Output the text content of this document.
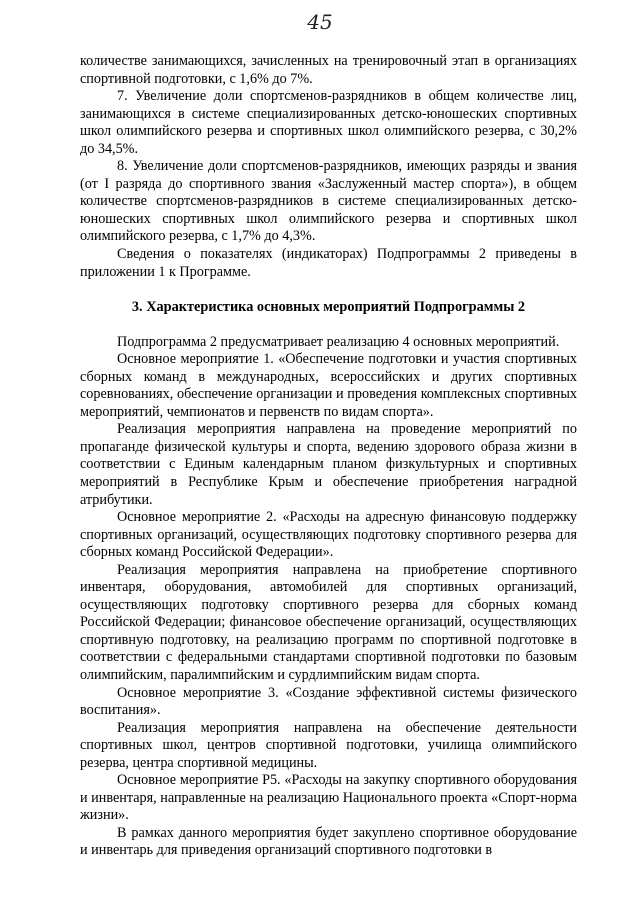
45

количестве занимающихся, зачисленных на тренировочный этап в организациях спортивной подготовки, с 1,6% до 7%.

7. Увеличение доли спортсменов-разрядников в общем количестве лиц, занимающихся в системе специализированных детско-юношеских спортивных школ олимпийского резерва и спортивных школ олимпийского резерва, с 30,2% до 34,5%.

8. Увеличение доли спортсменов-разрядников, имеющих разряды и звания (от I разряда до спортивного звания «Заслуженный мастер спорта»), в общем количестве спортсменов-разрядников в системе специализированных детско-юношеских спортивных школ олимпийского резерва и спортивных школ олимпийского резерва, с 1,7% до 4,3%.

Сведения о показателях (индикаторах) Подпрограммы 2 приведены в приложении 1 к Программе.

3. Характеристика основных мероприятий Подпрограммы 2

Подпрограмма 2 предусматривает реализацию 4 основных мероприятий.

Основное мероприятие 1. «Обеспечение подготовки и участия спортивных сборных команд в международных, всероссийских и других спортивных соревнованиях, обеспечение организации и проведения комплексных спортивных мероприятий, чемпионатов и первенств по видам спорта».

Реализация мероприятия направлена на проведение мероприятий по пропаганде физической культуры и спорта, ведению здорового образа жизни в соответствии с Единым календарным планом физкультурных и спортивных мероприятий в Республике Крым и обеспечение приобретения наградной атрибутики.

Основное мероприятие 2. «Расходы на адресную финансовую поддержку спортивных организаций, осуществляющих подготовку спортивного резерва для сборных команд Российской Федерации».

Реализация мероприятия направлена на приобретение спортивного инвентаря, оборудования, автомобилей для спортивных организаций, осуществляющих подготовку спортивного резерва для сборных команд Российской Федерации; финансовое обеспечение организаций, осуществляющих спортивную подготовку, на реализацию программ по спортивной подготовке в соответствии с федеральными стандартами спортивной подготовки по базовым олимпийским, паралимпийским и сурдлимпийским видам спорта.

Основное мероприятие 3. «Создание эффективной системы физического воспитания».

Реализация мероприятия направлена на обеспечение деятельности спортивных школ, центров спортивной подготовки, училища олимпийского резерва, центра спортивной медицины.

Основное мероприятие Р5. «Расходы на закупку спортивного оборудования и инвентаря, направленные на реализацию Национального проекта «Спорт-норма жизни».

В рамках данного мероприятия будет закуплено спортивное оборудование и инвентарь для приведения организаций спортивного подготовки в
